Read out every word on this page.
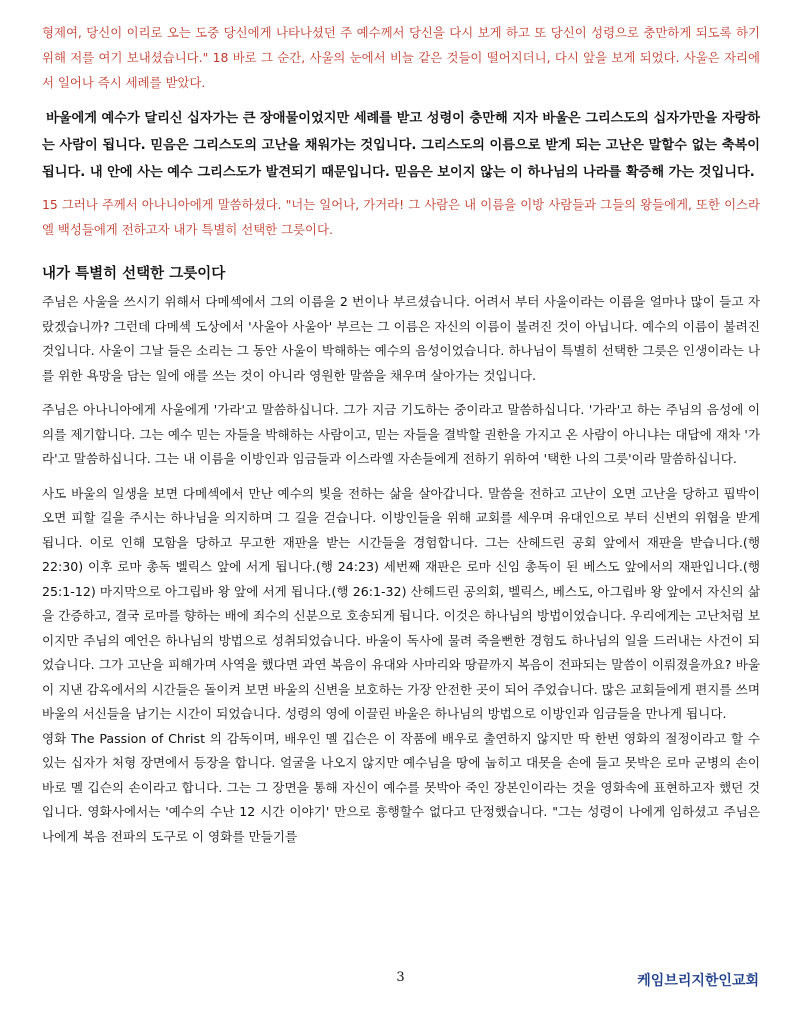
형제여, 당신이 이리로 오는 도중 당신에게 나타나셨던 주 예수께서 당신을 다시 보게 하고 또 당신이 성령으로 충만하게 되도록 하기 위해 저를 여기 보내셨습니다." 18 바로 그 순간, 사울의 눈에서 비늘 같은 것들이 떨어지더니, 다시 앞을 보게 되었다. 사울은 자리에서 일어나 즉시 세례를 받았다.

바울에게 예수가 달리신 십자가는 큰 장애물이었지만 세례를 받고 성령이 충만해 지자 바울은 그리스도의 십자가만을 자랑하는 사람이 됩니다. 믿음은 그리스도의 고난을 채워가는 것입니다. 그리스도의 이름으로 받게 되는 고난은 말할수 없는 축복이 됩니다. 내 안에 사는 예수 그리스도가 발견되기 때문입니다. 믿음은 보이지 않는 이 하나님의 나라를 확증해 가는 것입니다.

15 그러나 주께서 아나니아에게 말씀하셨다. "너는 일어나, 가거라! 그 사람은 내 이름을 이방 사람들과 그들의 왕들에게, 또한 이스라엘 백성들에게 전하고자 내가 특별히 선택한 그릇이다.

내가 특별히 선택한 그릇이다

주님은 사울을 쓰시기 위해서 다메섹에서 그의 이름을 2 번이나 부르셨습니다. 어려서 부터 사울이라는 이름을 얼마나 많이 들고 자랐겠습니까? 그런데 다메섹 도상에서 '사울아 사울아' 부르는 그 이름은 자신의 이름이 불려진 것이 아닙니다. 예수의 이름이 불려진 것입니다. 사울이 그날 들은 소리는 그 동안 사울이 박해하는 예수의 음성이었습니다. 하나님이 특별히 선택한 그릇은 인생이라는 나를 위한 욕망을 담는 일에 애를 쓰는 것이 아니라 영원한 말씀을 채우며 살아가는 것입니다.

주님은 아나니아에게 사울에게 '가라'고 말씀하십니다. 그가 지금 기도하는 중이라고 말씀하십니다. '가라'고 하는 주님의 음성에 이의를 제기합니다. 그는 예수 믿는 자들을 박해하는 사람이고, 믿는 자들을 결박할 권한을 가지고 온 사람이 아니냐는 대답에 재차 '가라'고 말씀하십니다. 그는 내 이름을 이방인과 임금들과 이스라엘 자손들에게 전하기 위하여 '택한 나의 그릇'이라 말씀하십니다.

사도 바울의 일생을 보면 다메섹에서 만난 예수의 빛을 전하는 삶을 살아갑니다. 말씀을 전하고 고난이 오면 고난을 당하고 핍박이 오면 피할 길을 주시는 하나님을 의지하며 그 길을 걷습니다. 이방인들을 위해 교회를 세우며 유대인으로 부터 신변의 위협을 받게 됩니다. 이로 인해 모함을 당하고 무고한 재판을 받는 시간들을 경험합니다. 그는 산헤드린 공회 앞에서 재판을 받습니다.(행 22:30) 이후 로마 총독 벨릭스 앞에 서게 됩니다.(행 24:23) 세번째 재판은 로마 신임 총독이 된 베스도 앞에서의 재판입니다.(행 25:1-12) 마지막으로 아그립바 왕 앞에 서게 됩니다.(행 26:1-32) 산헤드린 공의회, 벨릭스, 베스도, 아그립바 왕 앞에서 자신의 삶을 간증하고, 결국 로마를 향하는 배에 죄수의 신분으로 호송되게 됩니다. 이것은 하나님의 방법이었습니다. 우리에게는 고난처럼 보이지만 주님의 예언은 하나님의 방법으로 성취되었습니다. 바울이 독사에 물려 죽을뻔한 경험도 하나님의 일을 드러내는 사건이 되었습니다. 그가 고난을 피해가며 사역을 했다면 과연 복음이 유대와 사마리와 땅끝까지 복음이 전파되는 말씀이 이뤄졌을까요? 바울이 지낸 감옥에서의 시간들은 돌이켜 보면 바울의 신변을 보호하는 가장 안전한 곳이 되어 주었습니다. 많은 교회들에게 편지를 쓰며 바울의 서신들을 남기는 시간이 되었습니다. 성령의 영에 이끌린 바울은 하나님의 방법으로 이방인과 임금들을 만나게 됩니다.

영화 The Passion of Christ 의 감독이며, 배우인 멜 깁슨은 이 작품에 배우로 출연하지 않지만 딱 한번 영화의 절정이라고 할 수 있는 십자가 처형 장면에서 등장을 합니다. 얼굴을 나오지 않지만 예수님을 땅에 눕히고 대못을 손에 들고 못박은 로마 군병의 손이 바로 멜 깁슨의 손이라고 합니다. 그는 그 장면을 통해 자신이 예수를 못박아 죽인 장본인이라는 것을 영화속에 표현하고자 했던 것입니다. 영화사에서는 '예수의 수난 12 시간 이야기' 만으로 흥행할수 없다고 단정했습니다. "그는 성령이 나에게 임하셨고 주님은 나에게 복음 전파의 도구로 이 영화를 만들기를

3	케임브리지한인교회
